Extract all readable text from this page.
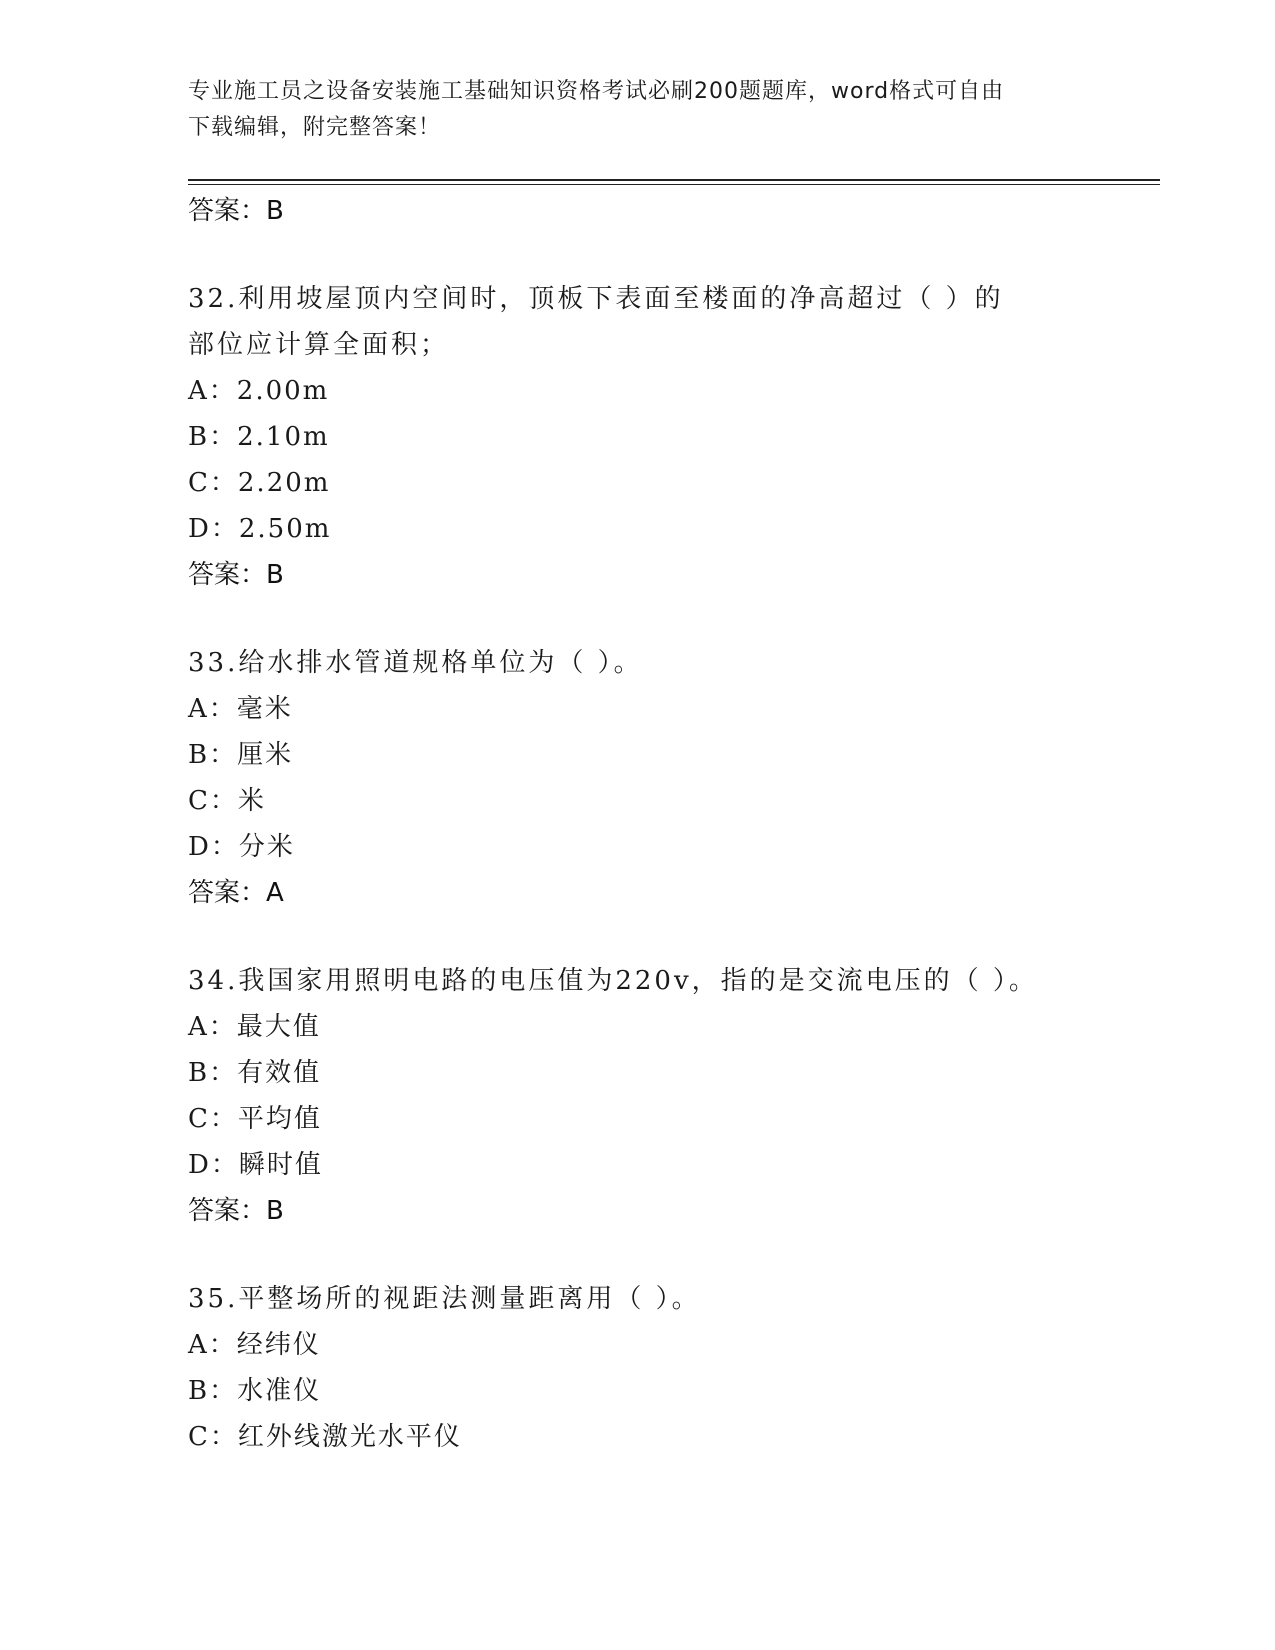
专业施工员之设备安装施工基础知识资格考试必刷200题题库，word格式可自由
下载编辑，附完整答案！

答案：B

32.利用坡屋顶内空间时，顶板下表面至楼面的净高超过（ ）的部位应计算全面积；

A：2.00m

B：2.10m

C：2.20m

D：2.50m

答案：B

33.给水排水管道规格单位为（ ）。

A：毫米

B：厘米

C：米

D：分米

答案：A

34.我国家用照明电路的电压值为220v，指的是交流电压的（ ）。

A：最大值

B：有效值

C：平均值

D：瞬时值

答案：B

35.平整场所的视距法测量距离用（ ）。

A：经纬仪

B：水准仪

C：红外线激光水平仪
